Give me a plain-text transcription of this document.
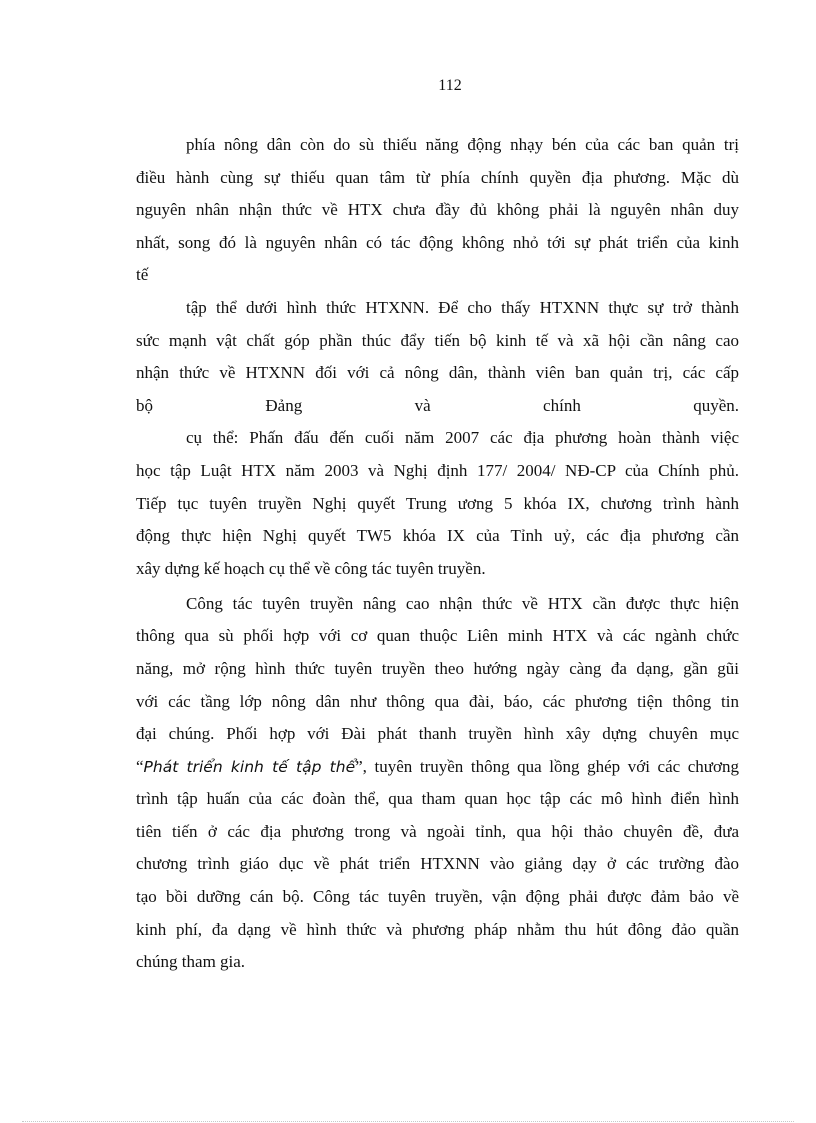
112
phía nông dân còn do sù thiếu năng động nhạy bén của các ban quản trị
điều hành cùng sự thiếu quan tâm từ phía chính quyền địa phương. Mặc dù
nguyên nhân nhận thức về HTX chưa đầy đủ không phải là nguyên nhân duy
nhất, song đó là nguyên nhân có tác động không nhỏ tới sự phát triển của kinh
tế
tập thể dưới hình thức HTXNN. Để cho thấy HTXNN thực sự trở thành
sức mạnh vật chất góp phần thúc đẩy tiến bộ kinh tế và xã hội cần nâng cao
nhận thức về HTXNN đối với cả nông dân, thành viên ban quản trị, các cấp
bộ	Đảng	và	chính	quyền.
cụ thể: Phấn đấu đến cuối năm 2007 các địa phương hoàn thành việc
học tập Luật HTX năm 2003 và Nghị định 177/ 2004/ NĐ-CP của Chính phủ.
Tiếp tục tuyên truyền Nghị quyết Trung ương 5 khóa IX, chương trình hành
động thực hiện Nghị quyết TW5 khóa IX của Tỉnh uỷ, các địa phương cần
xây dựng kế hoạch cụ thể về công tác tuyên truyền.
Công tác tuyên truyền nâng cao nhận thức về HTX cần được thực hiện
thông qua sù phối hợp với cơ quan thuộc Liên minh HTX và các ngành chức
năng, mở rộng hình thức tuyên truyền theo hướng ngày càng đa dạng, gần gũi
với các tầng lớp nông dân như thông qua đài, báo, các phương tiện thông tin
đại chúng. Phối hợp với Đài phát thanh truyền hình xây dựng chuyên mục
“Phát triển kinh tế tập thể”, tuyên truyền thông qua lồng ghép với các chương
trình tập huấn của các đoàn thể, qua tham quan học tập các mô hình điển hình
tiên tiến ở các địa phương trong và ngoài tỉnh, qua hội thảo chuyên đề, đưa
chương trình giáo dục về phát triển HTXNN vào giảng dạy ở các trường đào
tạo bồi dưỡng cán bộ. Công tác tuyên truyền, vận động phải được đảm bảo về
kinh phí, đa dạng về hình thức và phương pháp nhằm thu hút đông đảo quần
chúng tham gia.
